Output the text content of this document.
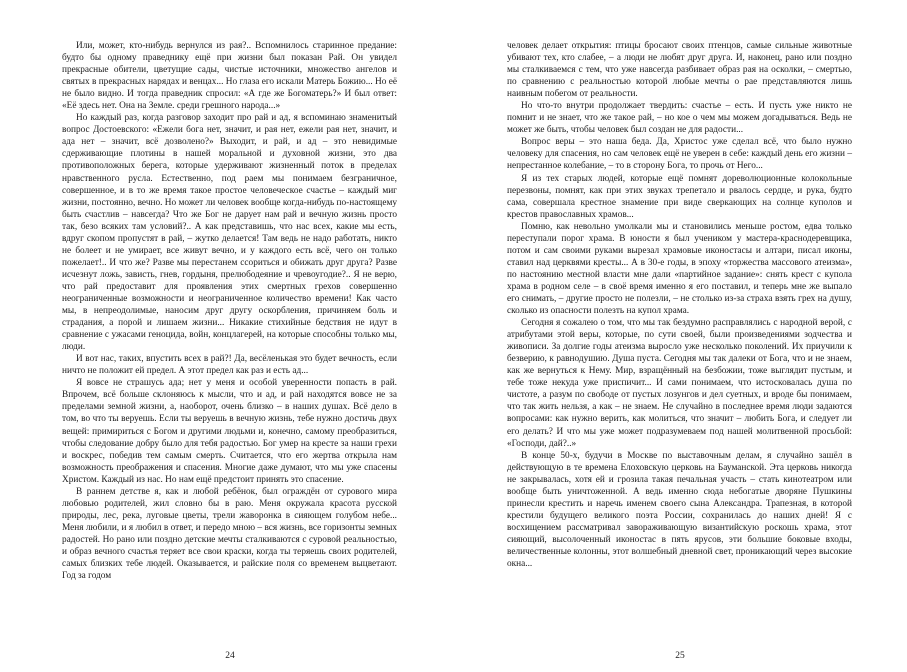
Или, может, кто-нибудь вернулся из рая?.. Вспомнилось старинное предание: будто бы одному праведнику ещё при жизни был показан Рай. Он увидел прекрасные обители, цветущие сады, чистые источники, множество ангелов и святых в прекрасных нарядах и венцах... Но глаза его искали Матерь Божию... Но её не было видно. И тогда праведник спросил: «А где же Богоматерь?» И был ответ: «Её здесь нет. Она на Земле. среди грешного народа...»

Но каждый раз, когда разговор заходит про рай и ад, я вспоминаю знаменитый вопрос Достоевского: «Ежели бога нет, значит, и рая нет, ежели рая нет, значит, и ада нет – значит, всё дозволено?» Выходит, и рай, и ад – это невидимые сдерживающие плотины в нашей моральной и духовной жизни, это два противоположных берега, которые удерживают жизненный поток в пределах нравственного русла. Естественно, под раем мы понимаем безграничное, совершенное, и в то же время такое простое человеческое счастье – каждый миг жизни, постоянно, вечно. Но может ли человек вообще когда-нибудь по-настоящему быть счастлив – навсегда? Что же Бог не дарует нам рай и вечную жизнь просто так, безо всяких там условий?.. А как представишь, что нас всех, какие мы есть, вдруг скопом пропустят в рай, – жутко делается! Там ведь не надо работать, никто не болеет и не умирает, все живут вечно, и у каждого есть всё, чего он только пожелает!.. И что же? Разве мы перестанем ссориться и обижать друг друга? Разве исчезнут ложь, зависть, гнев, гордыня, прелюбодеяние и чревоугодие?.. Я не верю, что рай предоставит для проявления этих смертных грехов совершенно неограниченные возможности и неограниченное количество времени! Как часто мы, в непреодолимые, наносим друг другу оскорбления, причиняем боль и страдания, а порой и лишаем жизни... Никакие стихийные бедствия не идут в сравнение с ужасами геноцида, войн, концлагерей, на которые способны только мы, люди.

И вот нас, таких, впустить всех в рай?! Да, весёленькая это будет вечность, если ничто не положит ей предел. А этот предел как раз и есть ад...

Я вовсе не страшусь ада; нет у меня и особой уверенности попасть в рай. Впрочем, всё больше склоняюсь к мысли, что и ад, и рай находятся вовсе не за пределами земной жизни, а, наоборот, очень близко – в наших душах. Всё дело в том, во что ты веруешь. Если ты веруешь в вечную жизнь, тебе нужно достичь двух вещей: примириться с Богом и другими людьми и, конечно, самому преобразиться, чтобы следование добру было для тебя радостью. Бог умер на кресте за наши грехи и воскрес, победив тем самым смерть. Считается, что его жертва открыла нам возможность преображения и спасения. Многие даже думают, что мы уже спасены Христом. Каждый из нас. Но нам ещё предстоит принять это спасение.

В раннем детстве я, как и любой ребёнок, был ограждён от сурового мира любовью родителей, жил словно бы в раю. Меня окружала красота русской природы, лес, река, луговые цветы, трели жаворонка в сияющем голубом небе... Меня любили, и я любил в ответ, и передо мною – вся жизнь, все горизонты земных радостей. Но рано или поздно детские мечты сталкиваются с суровой реальностью, и образ вечного счастья теряет все свои краски, когда ты теряешь своих родителей, самых близких тебе людей. Оказывается, и райские поля со временем выцветают. Год за годом

24

человек делает открытия: птицы бросают своих птенцов, самые сильные животные убивают тех, кто слабее, – а люди не любят друг друга. И, наконец, рано или поздно мы сталкиваемся с тем, что уже навсегда разбивает образ рая на осколки, – смертью, по сравнению с реальностью которой любые мечты о рае представляются лишь наивным побегом от реальности.

Но что-то внутри продолжает твердить: счастье – есть. И пусть уже никто не помнит и не знает, что же такое рай, – но кое о чем мы можем догадываться. Ведь не может же быть, чтобы человек был создан не для радости...

Вопрос веры – это наша беда. Да, Христос уже сделал всё, что было нужно человеку для спасения, но сам человек ещё не уверен в себе: каждый день его жизни – непрестанное колебание, – то в сторону Бога, то прочь от Него...

Я из тех старых людей, которые ещё помнят дореволюционные колокольные перезвоны, помнят, как при этих звуках трепетало и рвалось сердце, и рука, будто сама, совершала крестное знамение при виде сверкающих на солнце куполов и крестов православных храмов...

Помню, как невольно умолкали мы и становились меньше ростом, едва только переступали порог храма. В юности я был учеником у мастера-краснодеревщика, потом и сам своими руками вырезал храмовые иконостасы и алтари, писал иконы, ставил над церквями кресты... А в 30-е годы, в эпоху «торжества массового атеизма», по настоянию местной власти мне дали «партийное задание»: снять крест с купола храма в родном селе – в своё время именно я его поставил, и теперь мне же выпало его снимать, – другие просто не полезли, – не столько из-за страха взять грех на душу, сколько из опасности полезть на купол храма.

Сегодня я сожалею о том, что мы так бездумно расправлялись с народной верой, с атрибутами этой веры, которые, по сути своей, были произведениями зодчества и живописи. За долгие годы атеизма выросло уже несколько поколений. Их приучили к безверию, к равнодушию. Душа пуста. Сегодня мы так далеки от Бога, что и не знаем, как же вернуться к Нему. Мир, взращённый на безбожии, тоже выглядит пустым, и тебе тоже некуда уже приспичит... И сами понимаем, что истосковалась душа по чистоте, а разум по свободе от пустых лозунгов и дел суетных, и вроде бы понимаем, что так жить нельзя, а как – не знаем. Не случайно в последнее время люди задаются вопросами: как нужно верить, как молиться, что значит – любить Бога, и следует ли его делать? И что мы уже может подразумеваем под нашей молитвенной просьбой: «Господи, дай?..»

В конце 50-х, будучи в Москве по выставочным делам, я случайно зашёл в действующую в те времена Елоховскую церковь на Бауманской. Эта церковь никогда не закрывалась, хотя ей и грозила такая печальная участь – стать кинотеатром или вообще быть уничтоженной. А ведь именно сюда небогатые дворяне Пушкины принесли крестить и наречь именем своего сына Александра. Трапезная, в которой крестили будущего великого поэта России, сохранилась до наших дней! Я с восхищением рассматривал завораживающую византийскую роскошь храма, этот сияющий, высолоченный иконостас в пять ярусов, эти большие боковые входы, величественные колонны, этот волшебный дневной свет, проникающий через высокие окна...

25
